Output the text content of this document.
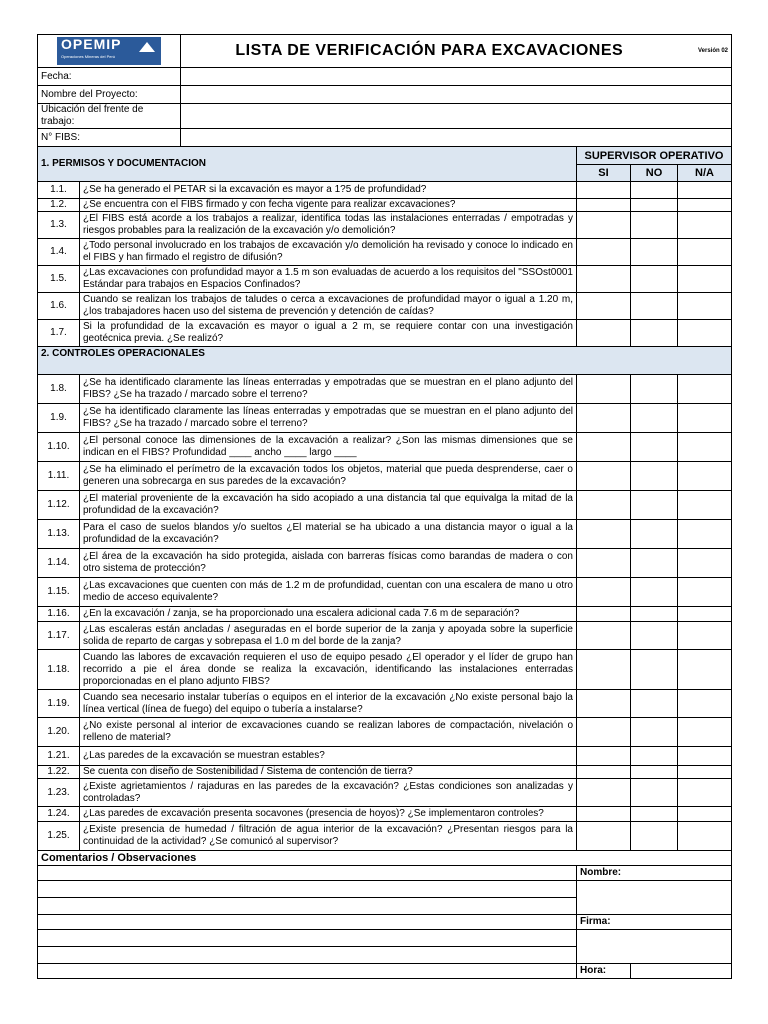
OPEMIP
Operaciones Mineras del Perú		LISTA DE VERIFICACIÓN PARA EXCAVACIONES			Versión 02
Fecha:					
Nombre del Proyecto:					
Ubicación del frente de trabajo:					
N° FIBS:					
1. PERMISOS Y DOCUMENTACION			SUPERVISOR OPERATIVO		
			SI	NO	N/A
1.1.	¿Se ha generado el PETAR si la excavación es mayor a 1?5 de profundidad?				
1.2.	¿Se encuentra con el FIBS firmado y con fecha vigente para realizar excavaciones?				
1.3.	¿El FIBS está acorde a los trabajos a realizar, identifica todas las instalaciones enterradas / empotradas y riesgos probables para la realización de la excavación y/o demolición?				
1.4.	¿Todo personal involucrado en los trabajos de excavación y/o demolición ha revisado y conoce lo indicado en el FIBS y han firmado el registro de difusión?				
1.5.	¿Las excavaciones con profundidad mayor a 1.5 m son evaluadas de acuerdo a los requisitos del "SSOst0001 Estándar para trabajos en Espacios Confinados?				
1.6.	Cuando se realizan los trabajos de taludes o cerca a excavaciones de profundidad mayor o igual a 1.20 m, ¿los trabajadores hacen uso del sistema de prevención y detención de caídas?				
1.7.	Si la profundidad de la excavación es mayor o igual a 2 m, se requiere contar con una investigación geotécnica previa. ¿Se realizó?				
2. CONTROLES OPERACIONALES					
1.8.	¿Se ha identificado claramente las líneas enterradas y empotradas que se muestran en el plano adjunto del FIBS? ¿Se ha trazado / marcado sobre el terreno?				
1.9.	¿Se ha identificado claramente las líneas enterradas y empotradas que se muestran en el plano adjunto del FIBS? ¿Se ha trazado / marcado sobre el terreno?				
1.10.	¿El personal conoce las dimensiones de la excavación a realizar? ¿Son las mismas dimensiones que se indican en el FIBS? Profundidad ____ ancho ____ largo ____				
1.11.	¿Se ha eliminado el perímetro de la excavación todos los objetos, material que pueda desprenderse, caer o generen una sobrecarga en sus paredes de la excavación?				
1.12.	¿El material proveniente de la excavación ha sido acopiado a una distancia tal que equivalga la mitad de la profundidad de la excavación?				
1.13.	Para el caso de suelos blandos y/o sueltos ¿El material se ha ubicado a una distancia mayor o igual a la profundidad de la excavación?				
1.14.	¿El área de la excavación ha sido protegida, aislada con barreras físicas como barandas de madera o con otro sistema de protección?				
1.15.	¿Las excavaciones que cuenten con más de 1.2 m de profundidad, cuentan con una escalera de mano u otro medio de acceso equivalente?				
1.16.	¿En la excavación / zanja, se ha proporcionado una escalera adicional cada 7.6 m de separación?				
1.17.	¿Las escaleras están ancladas / aseguradas en el borde superior de la zanja y apoyada sobre la superficie solida de reparto de cargas y sobrepasa el 1.0 m del borde de la zanja?				
1.18.	Cuando las labores de excavación requieren el uso de equipo pesado ¿El operador y el líder de grupo han recorrido a pie el área donde se realiza la excavación, identificando las instalaciones enterradas proporcionadas en el plano adjunto FIBS?				
1.19.	Cuando sea necesario instalar tuberías o equipos en el interior de la excavación ¿No existe personal bajo la línea vertical (línea de fuego) del equipo o tubería a instalarse?				
1.20.	¿No existe personal al interior de excavaciones cuando se realizan labores de compactación, nivelación o relleno de material?				
1.21.	¿Las paredes de la excavación se muestran estables?				
1.22.	Se cuenta con diseño de Sostenibilidad / Sistema de contención de tierra?				
1.23.	¿Existe agrietamientos / rajaduras en las paredes de la excavación? ¿Estas condiciones son analizadas y controladas?				
1.24.	¿Las paredes de excavación presenta socavones (presencia de hoyos)? ¿Se implementaron controles?				
1.25.	¿Existe presencia de humedad / filtración de agua interior de la excavación? ¿Presentan riesgos para la continuidad de la actividad? ¿Se comunicó al supervisor?				
Comentarios / Observaciones					
			Nombre:		

			Firma:		

			Hora:		
